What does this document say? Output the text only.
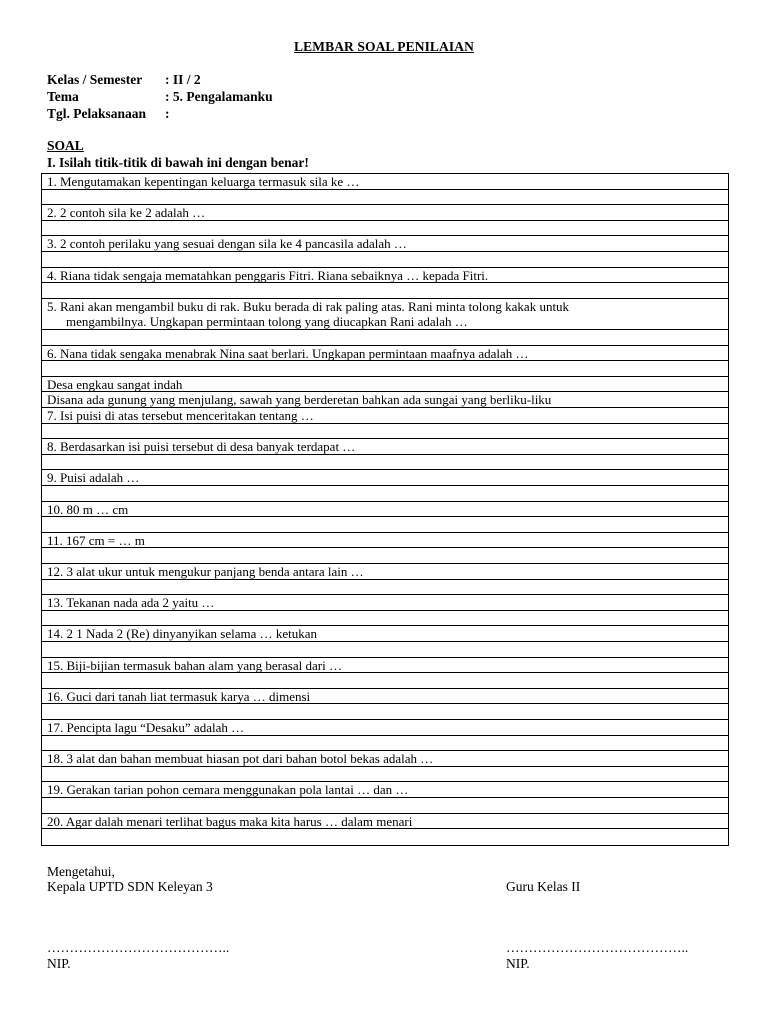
LEMBAR SOAL PENILAIAN
Kelas / Semester : II / 2
Tema	: 5. Pengalamanku
Tgl. Pelaksanaan :
SOAL
I. Isilah titik-titik di bawah ini dengan benar!
1. Mengutamakan kepentingan keluarga termasuk sila ke …
2. 2 contoh sila ke 2 adalah …
3. 2 contoh perilaku yang sesuai dengan sila ke 4 pancasila adalah …
4. Riana tidak sengaja mematahkan penggaris Fitri. Riana sebaiknya … kepada Fitri.
5. Rani akan mengambil buku di rak. Buku berada di rak paling atas. Rani minta tolong kakak untuk
mengambilnya. Ungkapan permintaan tolong yang diucapkan Rani adalah …
6. Nana tidak sengaka menabrak Nina saat berlari. Ungkapan permintaan maafnya adalah …
Desa engkau sangat indah
Disana ada gunung yang menjulang, sawah yang berderetan bahkan ada sungai yang berliku-liku
7. Isi puisi di atas tersebut menceritakan tentang …
8. Berdasarkan isi puisi tersebut di desa banyak terdapat …
9. Puisi adalah …
10. 80 m … cm
11. 167 cm = … m
12. 3 alat ukur untuk mengukur panjang benda antara lain …
13. Tekanan nada ada 2 yaitu …
14. 2 1 Nada 2 (Re) dinyanyikan selama … ketukan
15. Biji-bijian termasuk bahan alam yang berasal dari …
16. Guci dari tanah liat termasuk karya … dimensi
17. Pencipta lagu “Desaku” adalah …
18. 3 alat dan bahan membuat hiasan pot dari bahan botol bekas adalah …
19. Gerakan tarian pohon cemara menggunakan pola lantai … dan …
20. Agar dalah menari terlihat bagus maka kita harus … dalam menari
Mengetahui,
Kepala UPTD SDN Keleyan 3	Guru Kelas II
…………………………………..	…………………………………..
NIP.	NIP.
